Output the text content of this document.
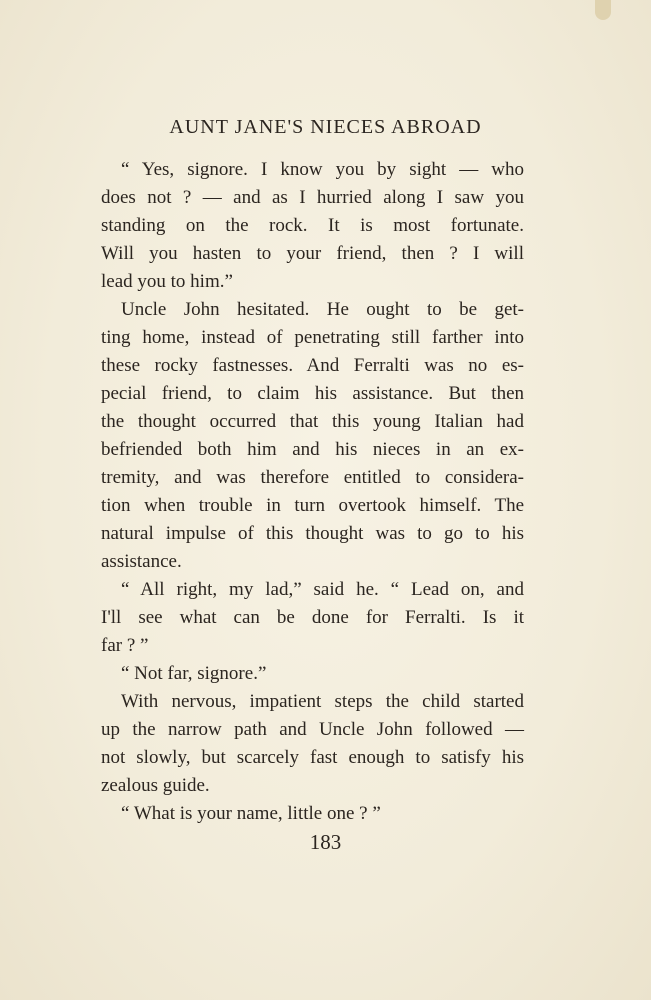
AUNT JANE'S NIECES ABROAD
“ Yes, signore. I know you by sight — who
does not ? — and as I hurried along I saw you
standing on the rock. It is most fortunate.
Will you hasten to your friend, then ? I will
lead you to him.”
Uncle John hesitated. He ought to be get-
ting home, instead of penetrating still farther into
these rocky fastnesses. And Ferralti was no es-
pecial friend, to claim his assistance. But then
the thought occurred that this young Italian had
befriended both him and his nieces in an ex-
tremity, and was therefore entitled to considera-
tion when trouble in turn overtook himself. The
natural impulse of this thought was to go to his
assistance.
“ All right, my lad,” said he. “ Lead on, and
I'll see what can be done for Ferralti. Is it
far ? ”
“ Not far, signore.”
With nervous, impatient steps the child started
up the narrow path and Uncle John followed —
not slowly, but scarcely fast enough to satisfy his
zealous guide.
“ What is your name, little one ? ”
183
